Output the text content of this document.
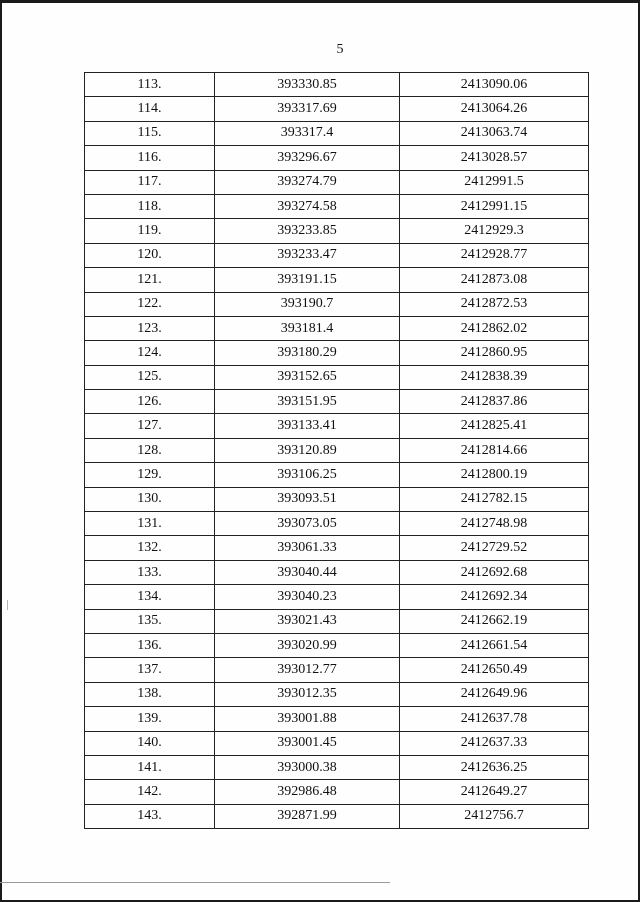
5
113.	393330.85	2413090.06
114.	393317.69	2413064.26
115.	393317.4	2413063.74
116.	393296.67	2413028.57
117.	393274.79	2412991.5
118.	393274.58	2412991.15
119.	393233.85	2412929.3
120.	393233.47	2412928.77
121.	393191.15	2412873.08
122.	393190.7	2412872.53
123.	393181.4	2412862.02
124.	393180.29	2412860.95
125.	393152.65	2412838.39
126.	393151.95	2412837.86
127.	393133.41	2412825.41
128.	393120.89	2412814.66
129.	393106.25	2412800.19
130.	393093.51	2412782.15
131.	393073.05	2412748.98
132.	393061.33	2412729.52
133.	393040.44	2412692.68
134.	393040.23	2412692.34
135.	393021.43	2412662.19
136.	393020.99	2412661.54
137.	393012.77	2412650.49
138.	393012.35	2412649.96
139.	393001.88	2412637.78
140.	393001.45	2412637.33
141.	393000.38	2412636.25
142.	392986.48	2412649.27
143.	392871.99	2412756.7
